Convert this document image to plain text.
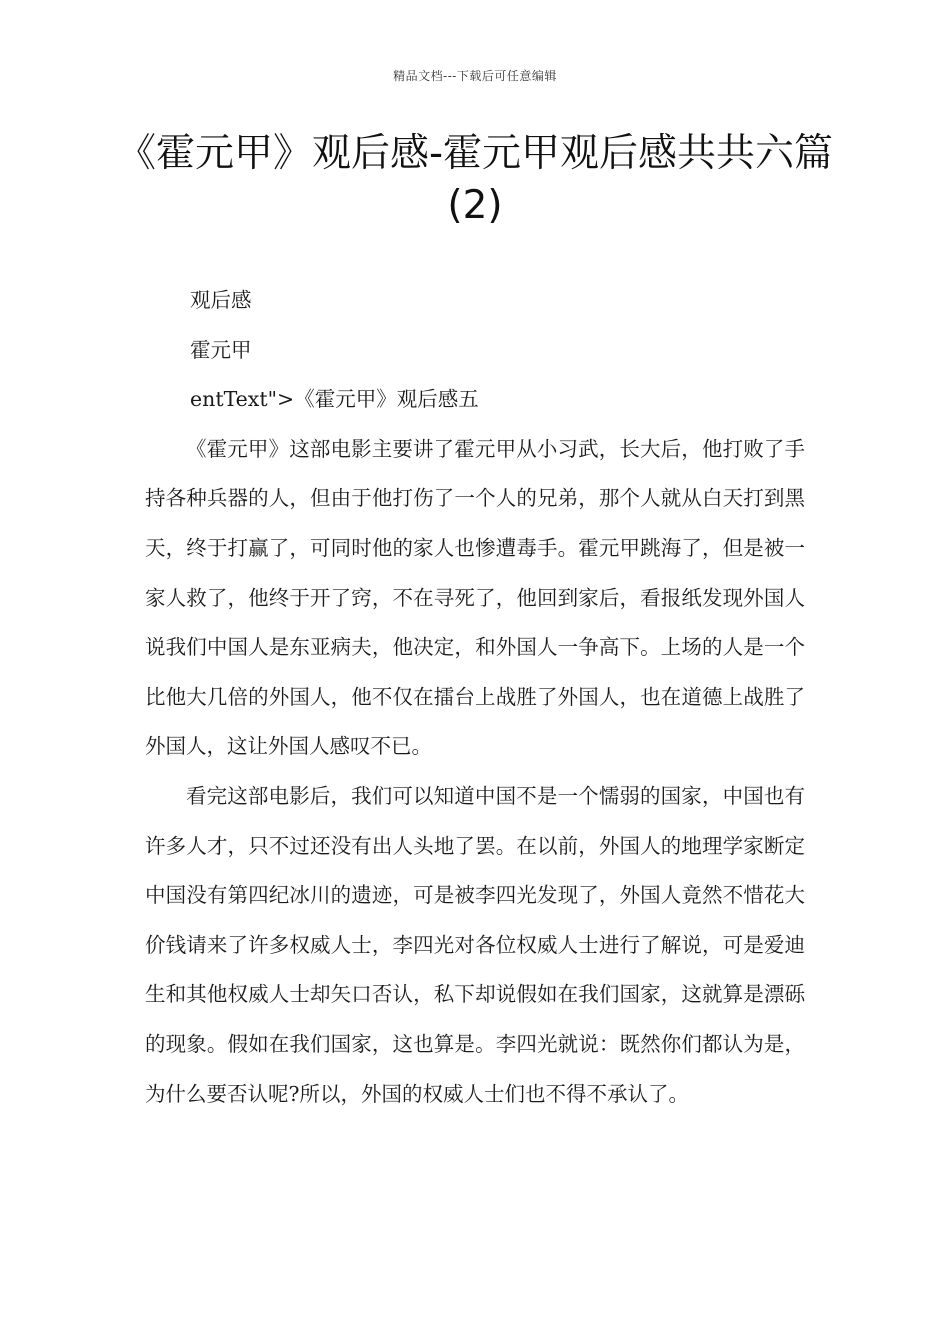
精品文档---下载后可任意编辑
《霍元甲》观后感-霍元甲观后感共共六篇(2)

观后感

霍元甲

entText">《霍元甲》观后感五

《霍元甲》这部电影主要讲了霍元甲从小习武，长大后，他打败了手持各种兵器的人，但由于他打伤了一个人的兄弟，那个人就从白天打到黑天，终于打赢了，可同时他的家人也惨遭毒手。霍元甲跳海了，但是被一家人救了，他终于开了窍，不在寻死了，他回到家后，看报纸发现外国人说我们中国人是东亚病夫，他决定，和外国人一争高下。上场的人是一个比他大几倍的外国人，他不仅在擂台上战胜了外国人，也在道德上战胜了外国人，这让外国人感叹不已。

看完这部电影后，我们可以知道中国不是一个懦弱的国家，中国也有许多人才，只不过还没有出人头地了罢。在以前，外国人的地理学家断定中国没有第四纪冰川的遗迹，可是被李四光发现了，外国人竟然不惜花大价钱请来了许多权威人士，李四光对各位权威人士进行了解说，可是爱迪生和其他权威人士却矢口否认，私下却说假如在我们国家，这就算是漂砾的现象。假如在我们国家，这也算是。李四光就说：既然你们都认为是，为什么要否认呢?所以，外国的权威人士们也不得不承认了。
